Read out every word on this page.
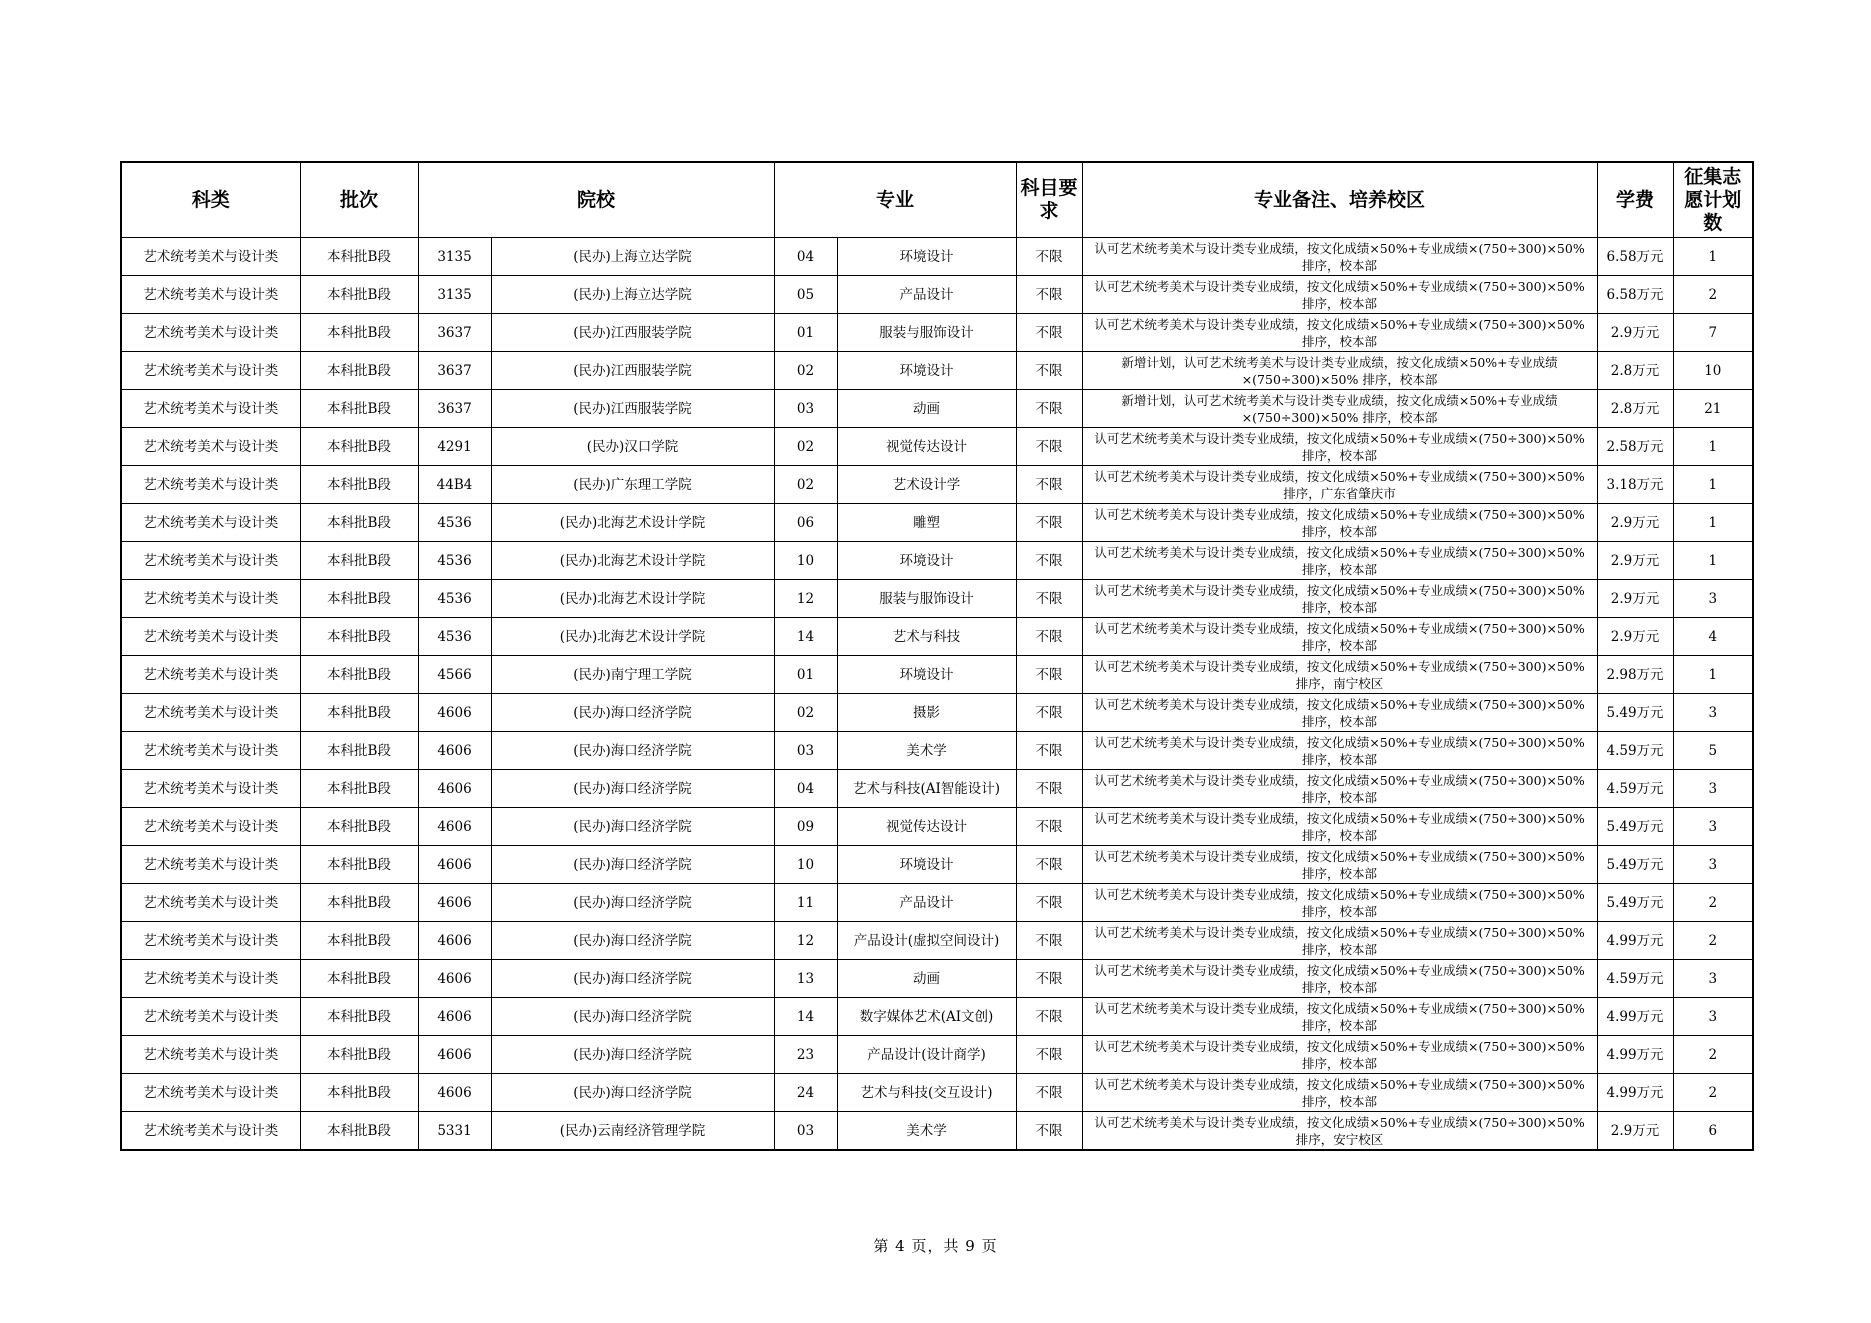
科类	批次	院校		专业		科目要求	专业备注、培养校区	学费	征集志愿计划数
艺术统考美术与设计类	本科批B段	3135	(民办)上海立达学院	04	环境设计	不限	认可艺术统考美术与设计类专业成绩，按文化成绩×50%+专业成绩×(750÷300)×50% 排序，校本部	6.58万元	1
艺术统考美术与设计类	本科批B段	3135	(民办)上海立达学院	05	产品设计	不限	认可艺术统考美术与设计类专业成绩，按文化成绩×50%+专业成绩×(750÷300)×50% 排序，校本部	6.58万元	2
艺术统考美术与设计类	本科批B段	3637	(民办)江西服装学院	01	服装与服饰设计	不限	认可艺术统考美术与设计类专业成绩，按文化成绩×50%+专业成绩×(750÷300)×50% 排序，校本部	2.9万元	7
艺术统考美术与设计类	本科批B段	3637	(民办)江西服装学院	02	环境设计	不限	新增计划，认可艺术统考美术与设计类专业成绩，按文化成绩×50%+专业成绩×(750÷300)×50% 排序，校本部	2.8万元	10
艺术统考美术与设计类	本科批B段	3637	(民办)江西服装学院	03	动画	不限	新增计划，认可艺术统考美术与设计类专业成绩，按文化成绩×50%+专业成绩×(750÷300)×50% 排序，校本部	2.8万元	21
艺术统考美术与设计类	本科批B段	4291	(民办)汉口学院	02	视觉传达设计	不限	认可艺术统考美术与设计类专业成绩，按文化成绩×50%+专业成绩×(750÷300)×50% 排序，校本部	2.58万元	1
艺术统考美术与设计类	本科批B段	44B4	(民办)广东理工学院	02	艺术设计学	不限	认可艺术统考美术与设计类专业成绩，按文化成绩×50%+专业成绩×(750÷300)×50% 排序，广东省肇庆市	3.18万元	1
艺术统考美术与设计类	本科批B段	4536	(民办)北海艺术设计学院	06	雕塑	不限	认可艺术统考美术与设计类专业成绩，按文化成绩×50%+专业成绩×(750÷300)×50% 排序，校本部	2.9万元	1
艺术统考美术与设计类	本科批B段	4536	(民办)北海艺术设计学院	10	环境设计	不限	认可艺术统考美术与设计类专业成绩，按文化成绩×50%+专业成绩×(750÷300)×50% 排序，校本部	2.9万元	1
艺术统考美术与设计类	本科批B段	4536	(民办)北海艺术设计学院	12	服装与服饰设计	不限	认可艺术统考美术与设计类专业成绩，按文化成绩×50%+专业成绩×(750÷300)×50% 排序，校本部	2.9万元	3
艺术统考美术与设计类	本科批B段	4536	(民办)北海艺术设计学院	14	艺术与科技	不限	认可艺术统考美术与设计类专业成绩，按文化成绩×50%+专业成绩×(750÷300)×50% 排序，校本部	2.9万元	4
艺术统考美术与设计类	本科批B段	4566	(民办)南宁理工学院	01	环境设计	不限	认可艺术统考美术与设计类专业成绩，按文化成绩×50%+专业成绩×(750÷300)×50% 排序，南宁校区	2.98万元	1
艺术统考美术与设计类	本科批B段	4606	(民办)海口经济学院	02	摄影	不限	认可艺术统考美术与设计类专业成绩，按文化成绩×50%+专业成绩×(750÷300)×50% 排序，校本部	5.49万元	3
艺术统考美术与设计类	本科批B段	4606	(民办)海口经济学院	03	美术学	不限	认可艺术统考美术与设计类专业成绩，按文化成绩×50%+专业成绩×(750÷300)×50% 排序，校本部	4.59万元	5
艺术统考美术与设计类	本科批B段	4606	(民办)海口经济学院	04	艺术与科技(AI智能设计)	不限	认可艺术统考美术与设计类专业成绩，按文化成绩×50%+专业成绩×(750÷300)×50% 排序，校本部	4.59万元	3
艺术统考美术与设计类	本科批B段	4606	(民办)海口经济学院	09	视觉传达设计	不限	认可艺术统考美术与设计类专业成绩，按文化成绩×50%+专业成绩×(750÷300)×50% 排序，校本部	5.49万元	3
艺术统考美术与设计类	本科批B段	4606	(民办)海口经济学院	10	环境设计	不限	认可艺术统考美术与设计类专业成绩，按文化成绩×50%+专业成绩×(750÷300)×50% 排序，校本部	5.49万元	3
艺术统考美术与设计类	本科批B段	4606	(民办)海口经济学院	11	产品设计	不限	认可艺术统考美术与设计类专业成绩，按文化成绩×50%+专业成绩×(750÷300)×50% 排序，校本部	5.49万元	2
艺术统考美术与设计类	本科批B段	4606	(民办)海口经济学院	12	产品设计(虚拟空间设计)	不限	认可艺术统考美术与设计类专业成绩，按文化成绩×50%+专业成绩×(750÷300)×50% 排序，校本部	4.99万元	2
艺术统考美术与设计类	本科批B段	4606	(民办)海口经济学院	13	动画	不限	认可艺术统考美术与设计类专业成绩，按文化成绩×50%+专业成绩×(750÷300)×50% 排序，校本部	4.59万元	3
艺术统考美术与设计类	本科批B段	4606	(民办)海口经济学院	14	数字媒体艺术(AI文创)	不限	认可艺术统考美术与设计类专业成绩，按文化成绩×50%+专业成绩×(750÷300)×50% 排序，校本部	4.99万元	3
艺术统考美术与设计类	本科批B段	4606	(民办)海口经济学院	23	产品设计(设计商学)	不限	认可艺术统考美术与设计类专业成绩，按文化成绩×50%+专业成绩×(750÷300)×50% 排序，校本部	4.99万元	2
艺术统考美术与设计类	本科批B段	4606	(民办)海口经济学院	24	艺术与科技(交互设计)	不限	认可艺术统考美术与设计类专业成绩，按文化成绩×50%+专业成绩×(750÷300)×50% 排序，校本部	4.99万元	2
艺术统考美术与设计类	本科批B段	5331	(民办)云南经济管理学院	03	美术学	不限	认可艺术统考美术与设计类专业成绩，按文化成绩×50%+专业成绩×(750÷300)×50% 排序，安宁校区	2.9万元	6
第 4 页，共 9 页
